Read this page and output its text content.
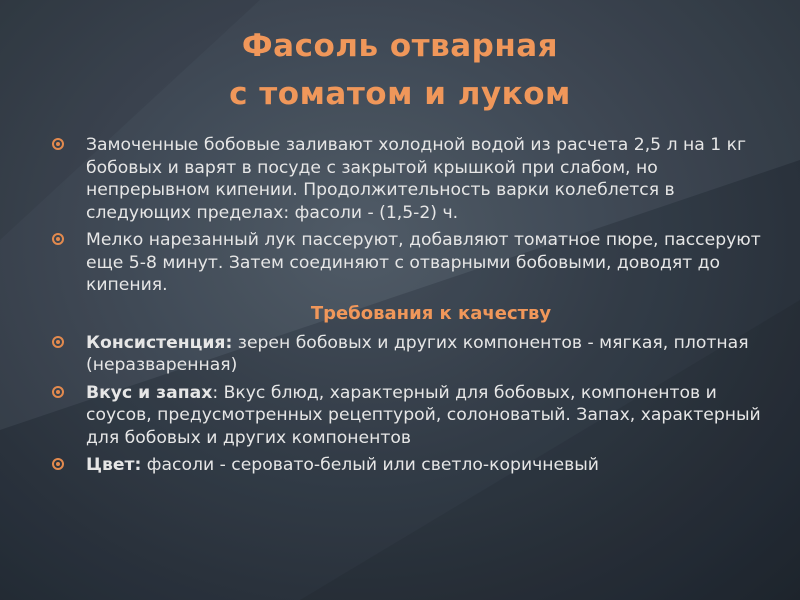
Фасоль отварная
с томатом и луком
Замоченные бобовые заливают холодной водой из расчета 2,5 л на 1 кг бобовых и варят в посуде с закрытой крышкой при слабом, но непрерывном кипении. Продолжительность варки колеблется в следующих пределах: фасоли - (1,5-2) ч.
Мелко нарезанный лук пассеруют, добавляют томатное пюре, пассеруют еще 5-8 минут. Затем соединяют с отварными бобовыми, доводят до кипения.
Требования к качеству
Консистенция: зерен бобовых и других компонентов - мягкая, плотная (неразваренная)
Вкус и запах: Вкус блюд, характерный для бобовых, компонентов и соусов, предусмотренных рецептурой, солоноватый. Запах, характерный для бобовых и других компонентов
Цвет: фасоли - серовато-белый или светло-коричневый
